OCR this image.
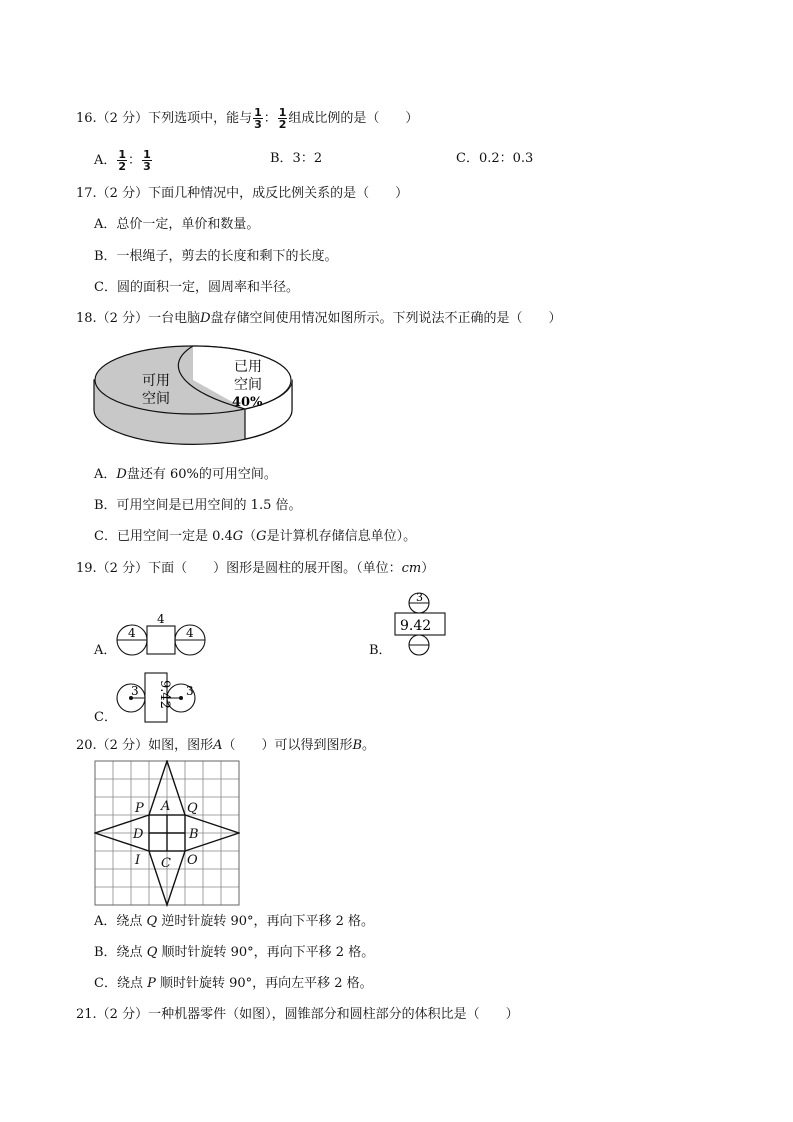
16.（2 分）下列选项中，能与 $\frac{1}{3}$ ： $\frac{1}{2}$ 组成比例的是（　　）
A． $\frac{1}{2}$ ： $\frac{1}{3}$	B．3：2	C．0.2：0.3
17.（2 分）下面几种情况中，成反比例关系的是（　　）
A．总价一定，单价和数量。
B．一根绳子，剪去的长度和剩下的长度。
C．圆的面积一定，圆周率和半径。
18.（2 分）一台电脑D盘存储空间使用情况如图所示。下列说法不正确的是（　　）
可用
空间
已用
空间
40%
A．D盘还有 60%的可用空间。
B．可用空间是已用空间的 1.5 倍。
C．已用空间一定是 0.4G（G是计算机存储信息单位）。
19.（2 分）下面（　　）图形是圆柱的展开图。（单位：cm）
A．
4
4
4
B．
3
9.42
C．
3	3
9.42
20.（2 分）如图，图形A（　　）可以得到图形B。
P A Q
D	B
I C O
A．绕点 Q 逆时针旋转 90°，再向下平移 2 格。
B．绕点 Q 顺时针旋转 90°，再向下平移 2 格。
C．绕点 P 顺时针旋转 90°，再向左平移 2 格。
21.（2 分）一种机器零件（如图），圆锥部分和圆柱部分的体积比是（　　）
